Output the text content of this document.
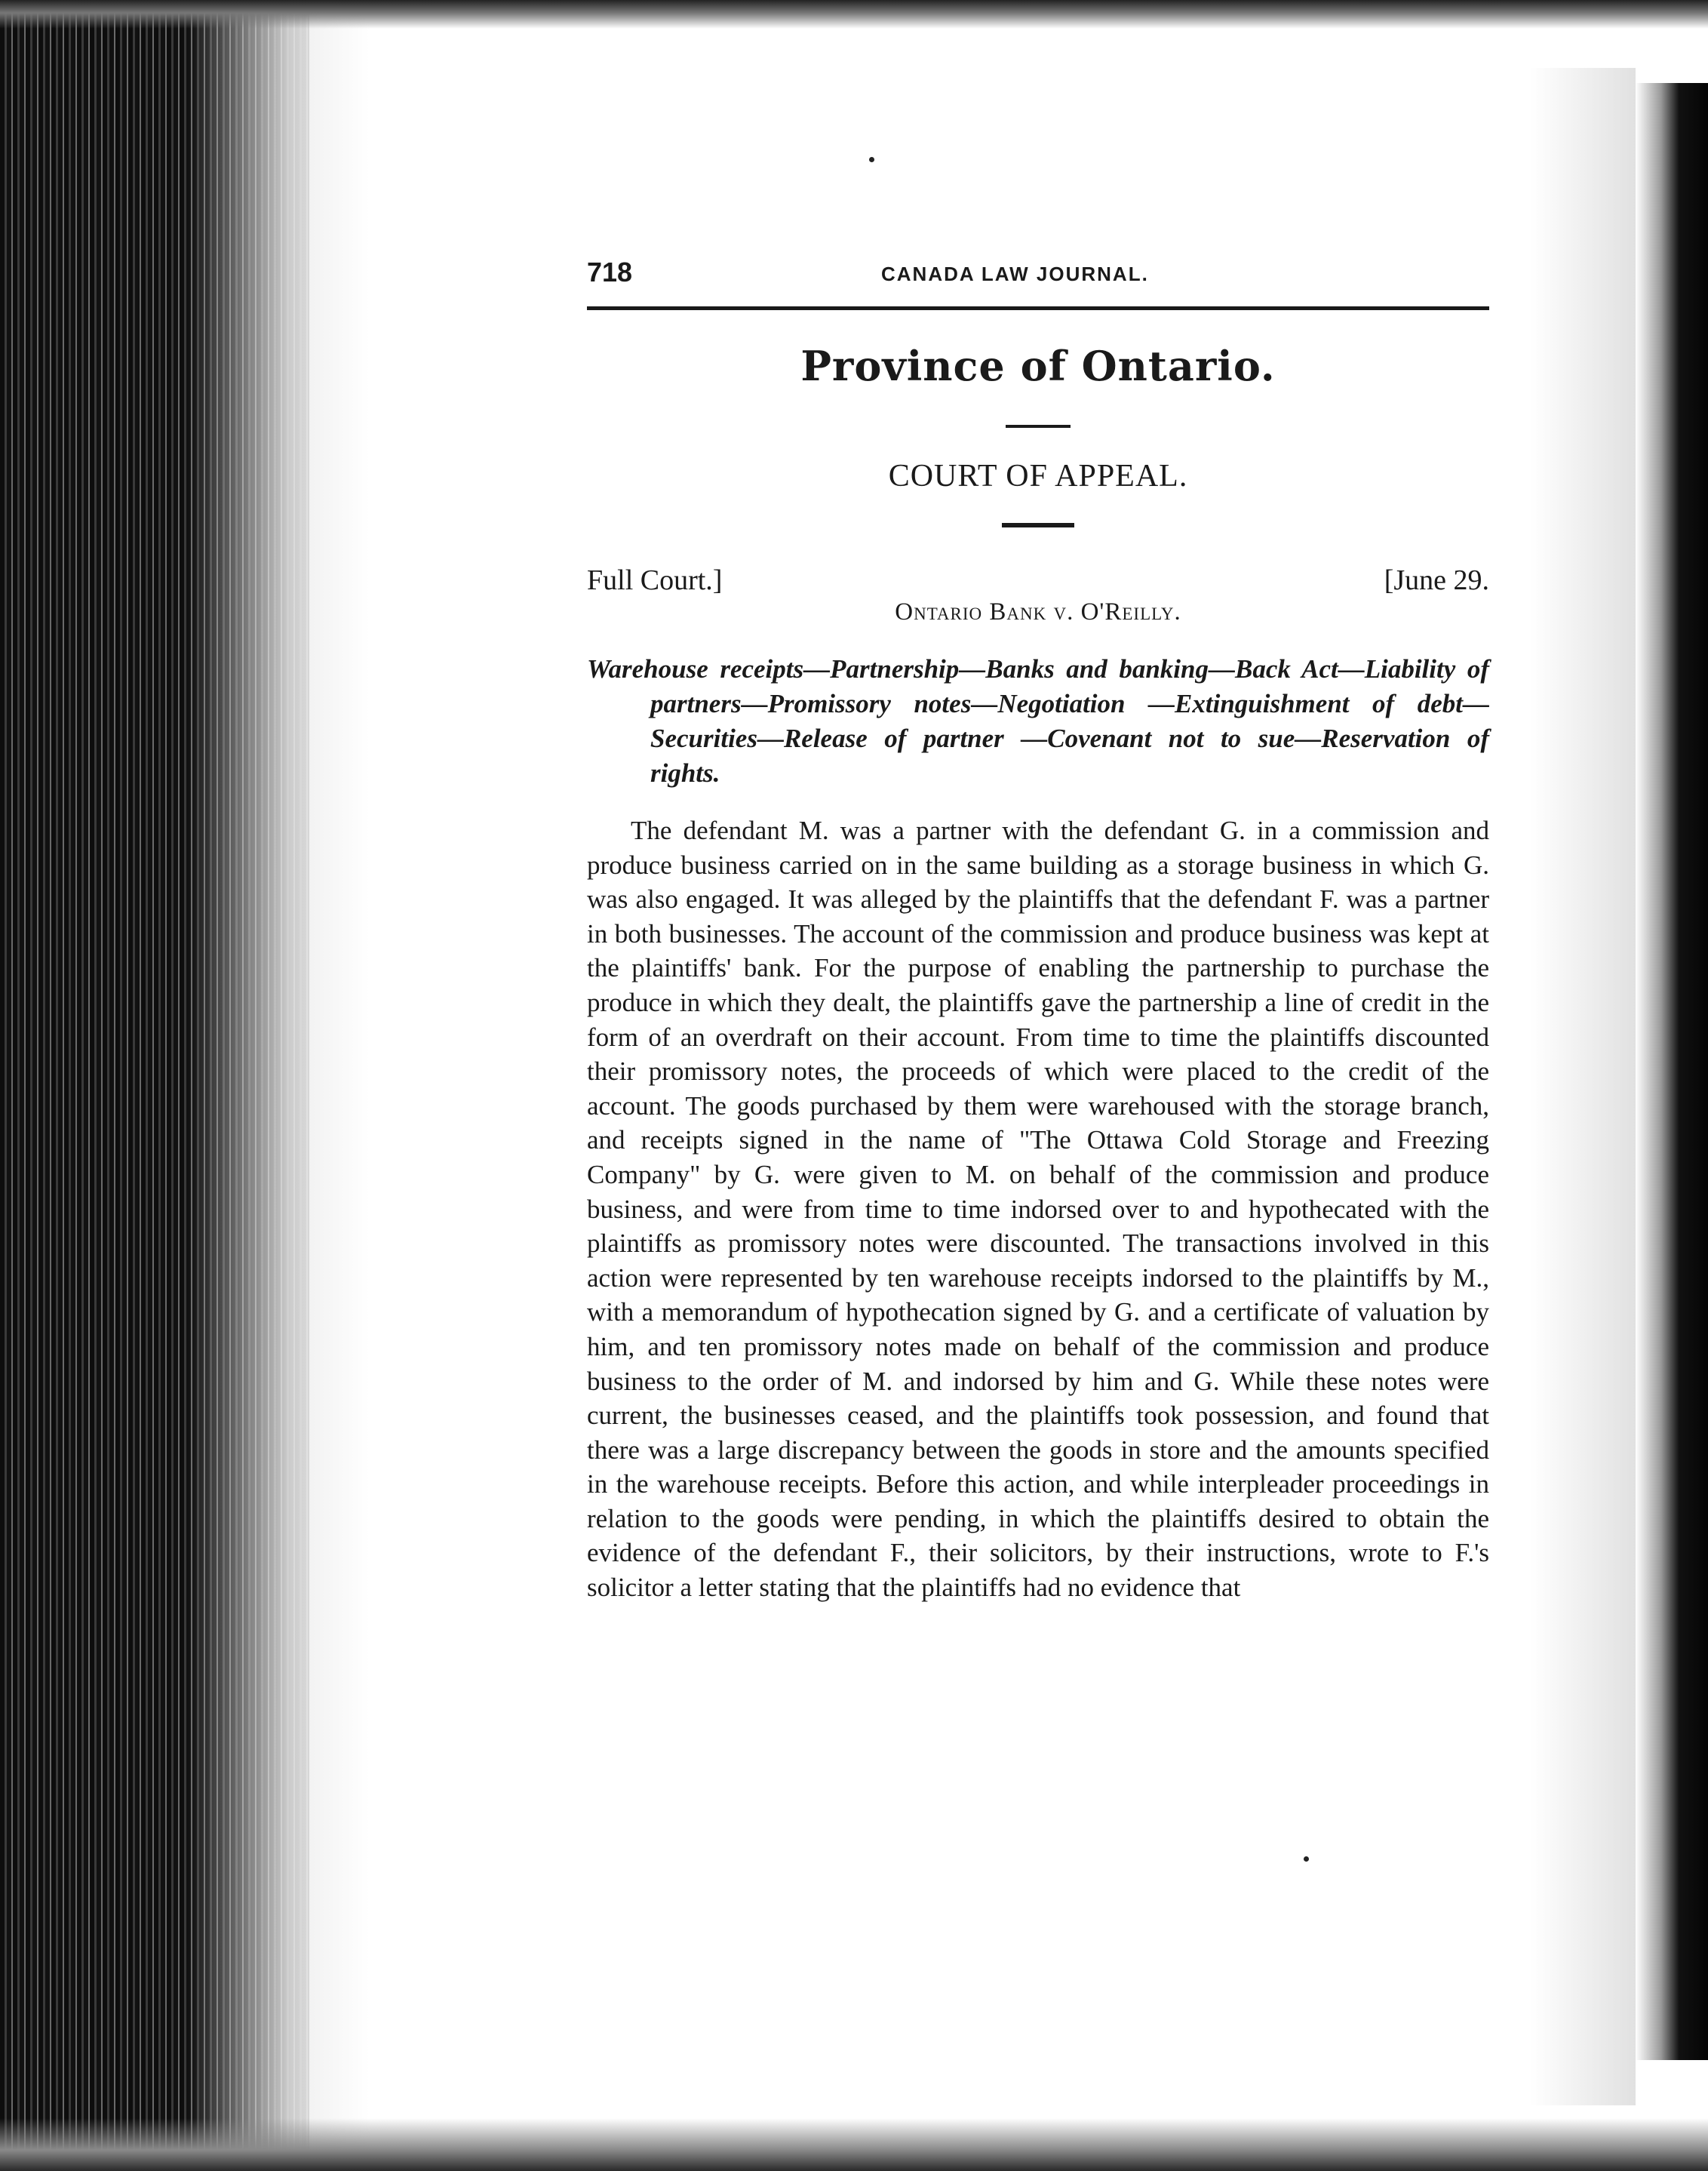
718	CANADA LAW JOURNAL.
Province of Ontario.
COURT OF APPEAL.
Full Court.]	[June 29.
Ontario Bank v. O'Reilly.
Warehouse receipts—Partnership—Banks and banking—Back Act—Liability of partners—Promissory notes—Negotiation —Extinguishment of debt—Securities—Release of partner —Covenant not to sue—Reservation of rights.
The defendant M. was a partner with the defendant G. in a commission and produce business carried on in the same building as a storage business in which G. was also engaged. It was alleged by the plaintiffs that the defendant F. was a partner in both businesses. The account of the commission and produce business was kept at the plaintiffs' bank. For the purpose of enabling the partnership to purchase the produce in which they dealt, the plaintiffs gave the partnership a line of credit in the form of an overdraft on their account. From time to time the plaintiffs discounted their promissory notes, the proceeds of which were placed to the credit of the account. The goods purchased by them were warehoused with the storage branch, and receipts signed in the name of "The Ottawa Cold Storage and Freezing Company" by G. were given to M. on behalf of the commission and produce business, and were from time to time indorsed over to and hypothecated with the plaintiffs as promissory notes were discounted. The transactions involved in this action were represented by ten warehouse receipts indorsed to the plaintiffs by M., with a memorandum of hypothecation signed by G. and a certificate of valuation by him, and ten promissory notes made on behalf of the commission and produce business to the order of M. and indorsed by him and G. While these notes were current, the businesses ceased, and the plaintiffs took possession, and found that there was a large discrepancy between the goods in store and the amounts specified in the warehouse receipts. Before this action, and while interpleader proceedings in relation to the goods were pending, in which the plaintiffs desired to obtain the evidence of the defendant F., their solicitors, by their instructions, wrote to F.'s solicitor a letter stating that the plaintiffs had no evidence that
